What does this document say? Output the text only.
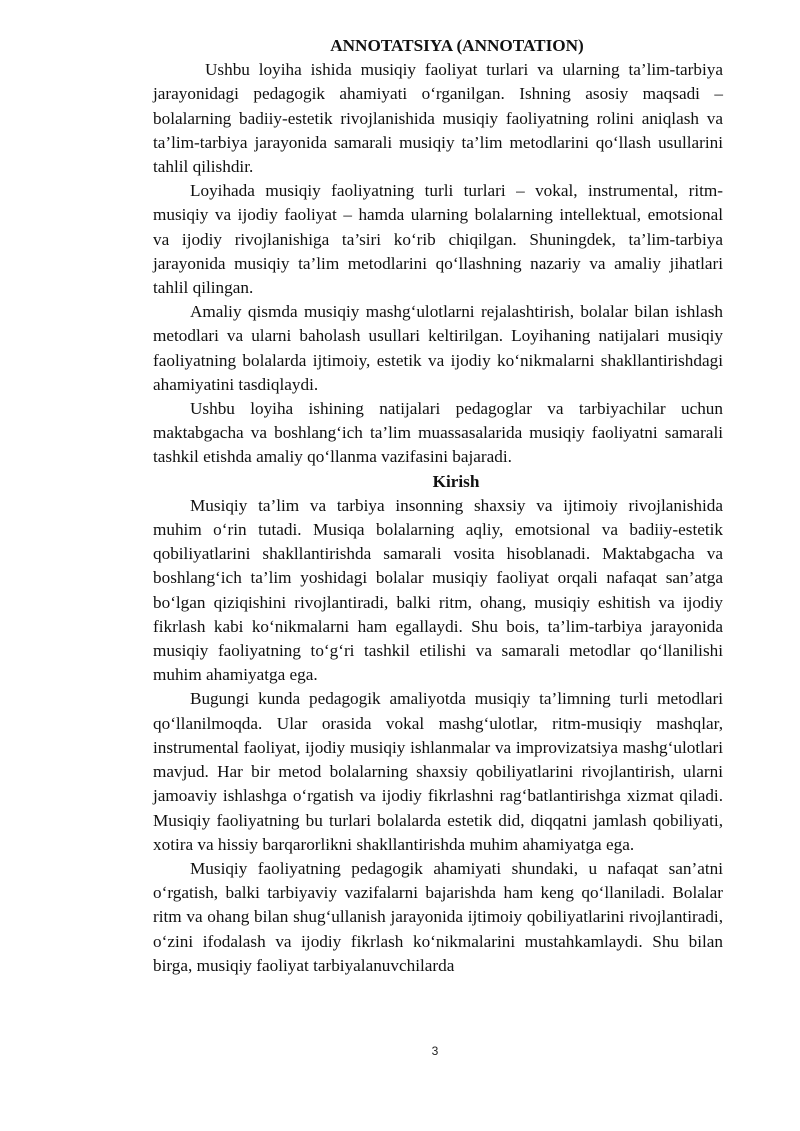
ANNOTATSIYA (ANNOTATION)

Ushbu loyiha ishida musiqiy faoliyat turlari va ularning ta’lim-tarbiya jarayonidagi pedagogik ahamiyati o‘rganilgan. Ishning asosiy maqsadi – bolalarning badiiy-estetik rivojlanishida musiqiy faoliyatning rolini aniqlash va ta’lim-tarbiya jarayonida samarali musiqiy ta’lim metodlarini qo‘llash usullarini tahlil qilishdir.

Loyihada musiqiy faoliyatning turli turlari – vokal, instrumental, ritm-musiqiy va ijodiy faoliyat – hamda ularning bolalarning intellektual, emotsional va ijodiy rivojlanishiga ta’siri ko‘rib chiqilgan. Shuningdek, ta’lim-tarbiya jarayonida musiqiy ta’lim metodlarini qo‘llashning nazariy va amaliy jihatlari tahlil qilingan.

Amaliy qismda musiqiy mashg‘ulotlarni rejalashtirish, bolalar bilan ishlash metodlari va ularni baholash usullari keltirilgan. Loyihaning natijalari musiqiy faoliyatning bolalarda ijtimoiy, estetik va ijodiy ko‘nikmalarni shakllantirishdagi ahamiyatini tasdiqlaydi.

Ushbu loyiha ishining natijalari pedagoglar va tarbiyachilar uchun maktabgacha va boshlang‘ich ta’lim muassasalarida musiqiy faoliyatni samarali tashkil etishda amaliy qo‘llanma vazifasini bajaradi.

Kirish

Musiqiy ta’lim va tarbiya insonning shaxsiy va ijtimoiy rivojlanishida muhim o‘rin tutadi. Musiqa bolalarning aqliy, emotsional va badiiy-estetik qobiliyatlarini shakllantirishda samarali vosita hisoblanadi. Maktabgacha va boshlang‘ich ta’lim yoshidagi bolalar musiqiy faoliyat orqali nafaqat san’atga bo‘lgan qiziqishini rivojlantiradi, balki ritm, ohang, musiqiy eshitish va ijodiy fikrlash kabi ko‘nikmalarni ham egallaydi. Shu bois, ta’lim-tarbiya jarayonida musiqiy faoliyatning to‘g‘ri tashkil etilishi va samarali metodlar qo‘llanilishi muhim ahamiyatga ega.

Bugungi kunda pedagogik amaliyotda musiqiy ta’limning turli metodlari qo‘llanilmoqda. Ular orasida vokal mashg‘ulotlar, ritm-musiqiy mashqlar, instrumental faoliyat, ijodiy musiqiy ishlanmalar va improvizatsiya mashg‘ulotlari mavjud. Har bir metod bolalarning shaxsiy qobiliyatlarini rivojlantirish, ularni jamoaviy ishlashga o‘rgatish va ijodiy fikrlashni rag‘batlantirishga xizmat qiladi. Musiqiy faoliyatning bu turlari bolalarda estetik did, diqqatni jamlash qobiliyati, xotira va hissiy barqarorlikni shakllantirishda muhim ahamiyatga ega.

Musiqiy faoliyatning pedagogik ahamiyati shundaki, u nafaqat san’atni o‘rgatish, balki tarbiyaviy vazifalarni bajarishda ham keng qo‘llaniladi. Bolalar ritm va ohang bilan shug‘ullanish jarayonida ijtimoiy qobiliyatlarini rivojlantiradi, o‘zini ifodalash va ijodiy fikrlash ko‘nikmalarini mustahkamlaydi. Shu bilan birga, musiqiy faoliyat tarbiyalanuvchilarda

3
